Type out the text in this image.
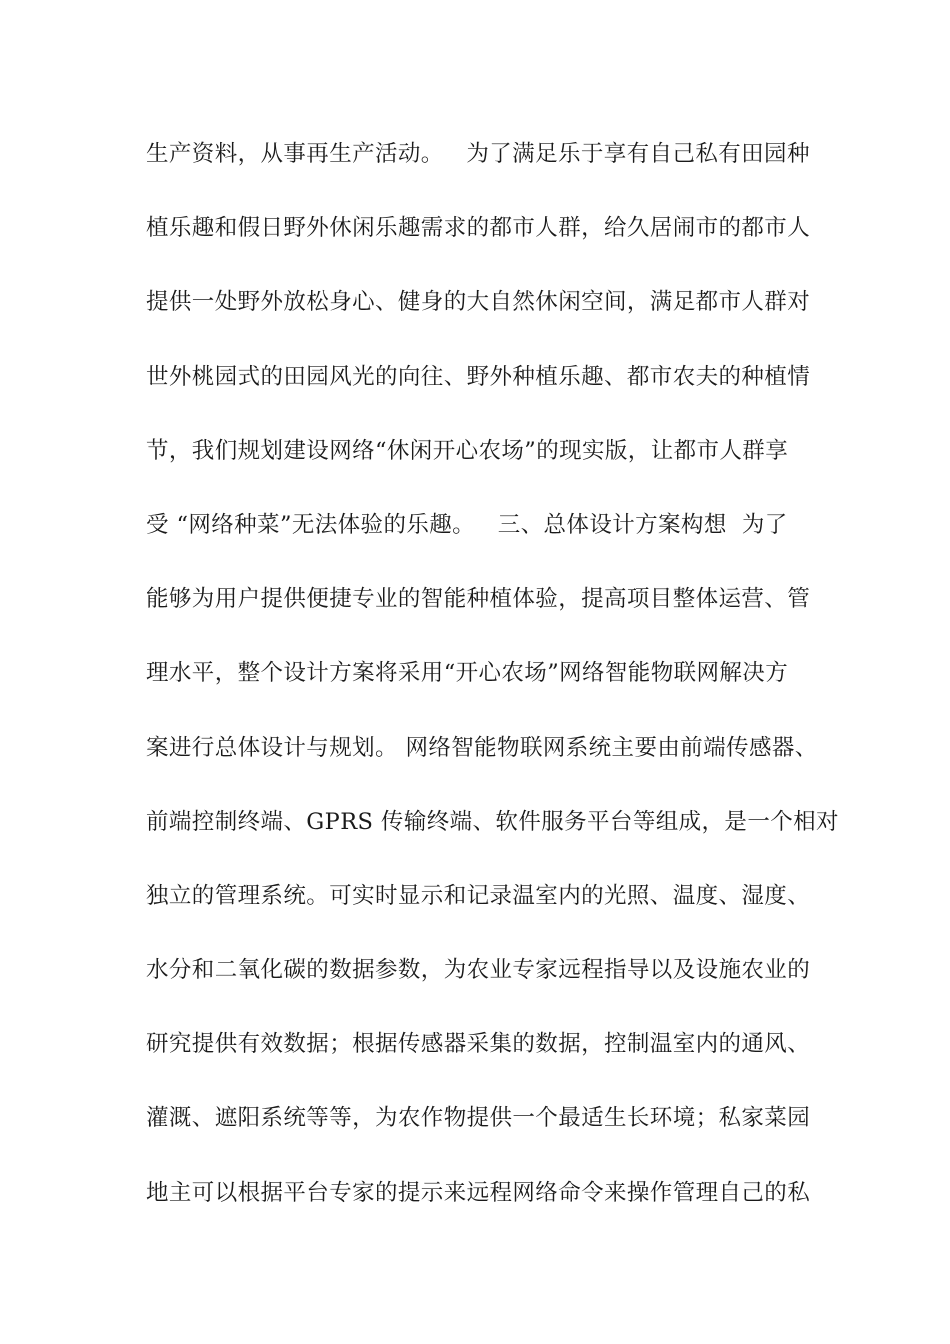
生产资料，从事再生产活动。   为了满足乐于享有自己私有田园种
植乐趣和假日野外休闲乐趣需求的都市人群，给久居闹市的都市人
提供一处野外放松身心、健身的大自然休闲空间，满足都市人群对
世外桃园式的田园风光的向往、野外种植乐趣、都市农夫的种植情
节，我们规划建设网络“休闲开心农场”的现实版，让都市人群享
受 “网络种菜”无法体验的乐趣。   三、总体设计方案构想  为了
能够为用户提供便捷专业的智能种植体验，提高项目整体运营、管
理水平，整个设计方案将采用“开心农场”网络智能物联网解决方
案进行总体设计与规划。 网络智能物联网系统主要由前端传感器、
前端控制终端、GPRS 传输终端、软件服务平台等组成，是一个相对
独立的管理系统。可实时显示和记录温室内的光照、温度、湿度、
水分和二氧化碳的数据参数，为农业专家远程指导以及设施农业的
研究提供有效数据；根据传感器采集的数据，控制温室内的通风、
灌溉、遮阳系统等等，为农作物提供一个最适生长环境；私家菜园
地主可以根据平台专家的提示来远程网络命令来操作管理自己的私
